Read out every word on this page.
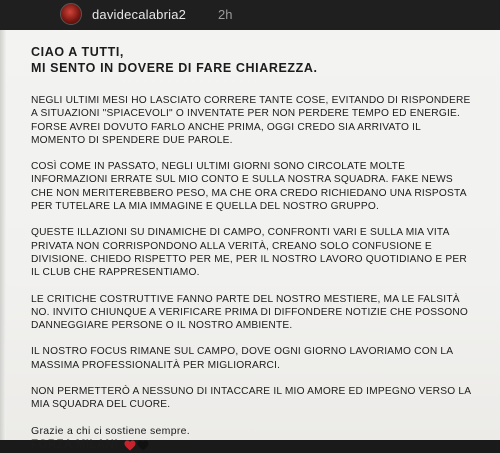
davidecalabria2 2h
CIAO A TUTTI,
MI SENTO IN DOVERE DI FARE CHIAREZZA.
NEGLI ULTIMI MESI HO LASCIATO CORRERE TANTE COSE, EVITANDO DI RISPONDERE A SITUAZIONI "SPIACEVOLI" O INVENTATE PER NON PERDERE TEMPO ED ENERGIE. FORSE AVREI DOVUTO FARLO ANCHE PRIMA, OGGI CREDO SIA ARRIVATO IL MOMENTO DI SPENDERE DUE PAROLE.
COSÌ COME IN PASSATO, NEGLI ULTIMI GIORNI SONO CIRCOLATE MOLTE INFORMAZIONI ERRATE SUL MIO CONTO E SULLA NOSTRA SQUADRA. FAKE NEWS CHE NON MERITEREBBERO PESO, MA CHE ORA CREDO RICHIEDANO UNA RISPOSTA PER TUTELARE LA MIA IMMAGINE E QUELLA DEL NOSTRO GRUPPO.
QUESTE ILLAZIONI SU DINAMICHE DI CAMPO, CONFRONTI VARI E SULLA MIA VITA PRIVATA NON CORRISPONDONO ALLA VERITÀ, CREANO SOLO CONFUSIONE E DIVISIONE. CHIEDO RISPETTO PER ME, PER IL NOSTRO LAVORO QUOTIDIANO E PER IL CLUB CHE RAPPRESENTIAMO.
LE CRITICHE COSTRUTTIVE FANNO PARTE DEL NOSTRO MESTIERE, MA LE FALSITÀ NO. INVITO CHIUNQUE A VERIFICARE PRIMA DI DIFFONDERE NOTIZIE CHE POSSONO DANNEGGIARE PERSONE O IL NOSTRO AMBIENTE.
IL NOSTRO FOCUS RIMANE SUL CAMPO, DOVE OGNI GIORNO LAVORIAMO CON LA MASSIMA PROFESSIONALITÀ PER MIGLIORARCI.
NON PERMETTERÒ A NESSUNO DI INTACCARE IL MIO AMORE ED IMPEGNO VERSO LA MIA SQUADRA DEL CUORE.
Grazie a chi ci sostiene sempre.
FORZA MILAN!
